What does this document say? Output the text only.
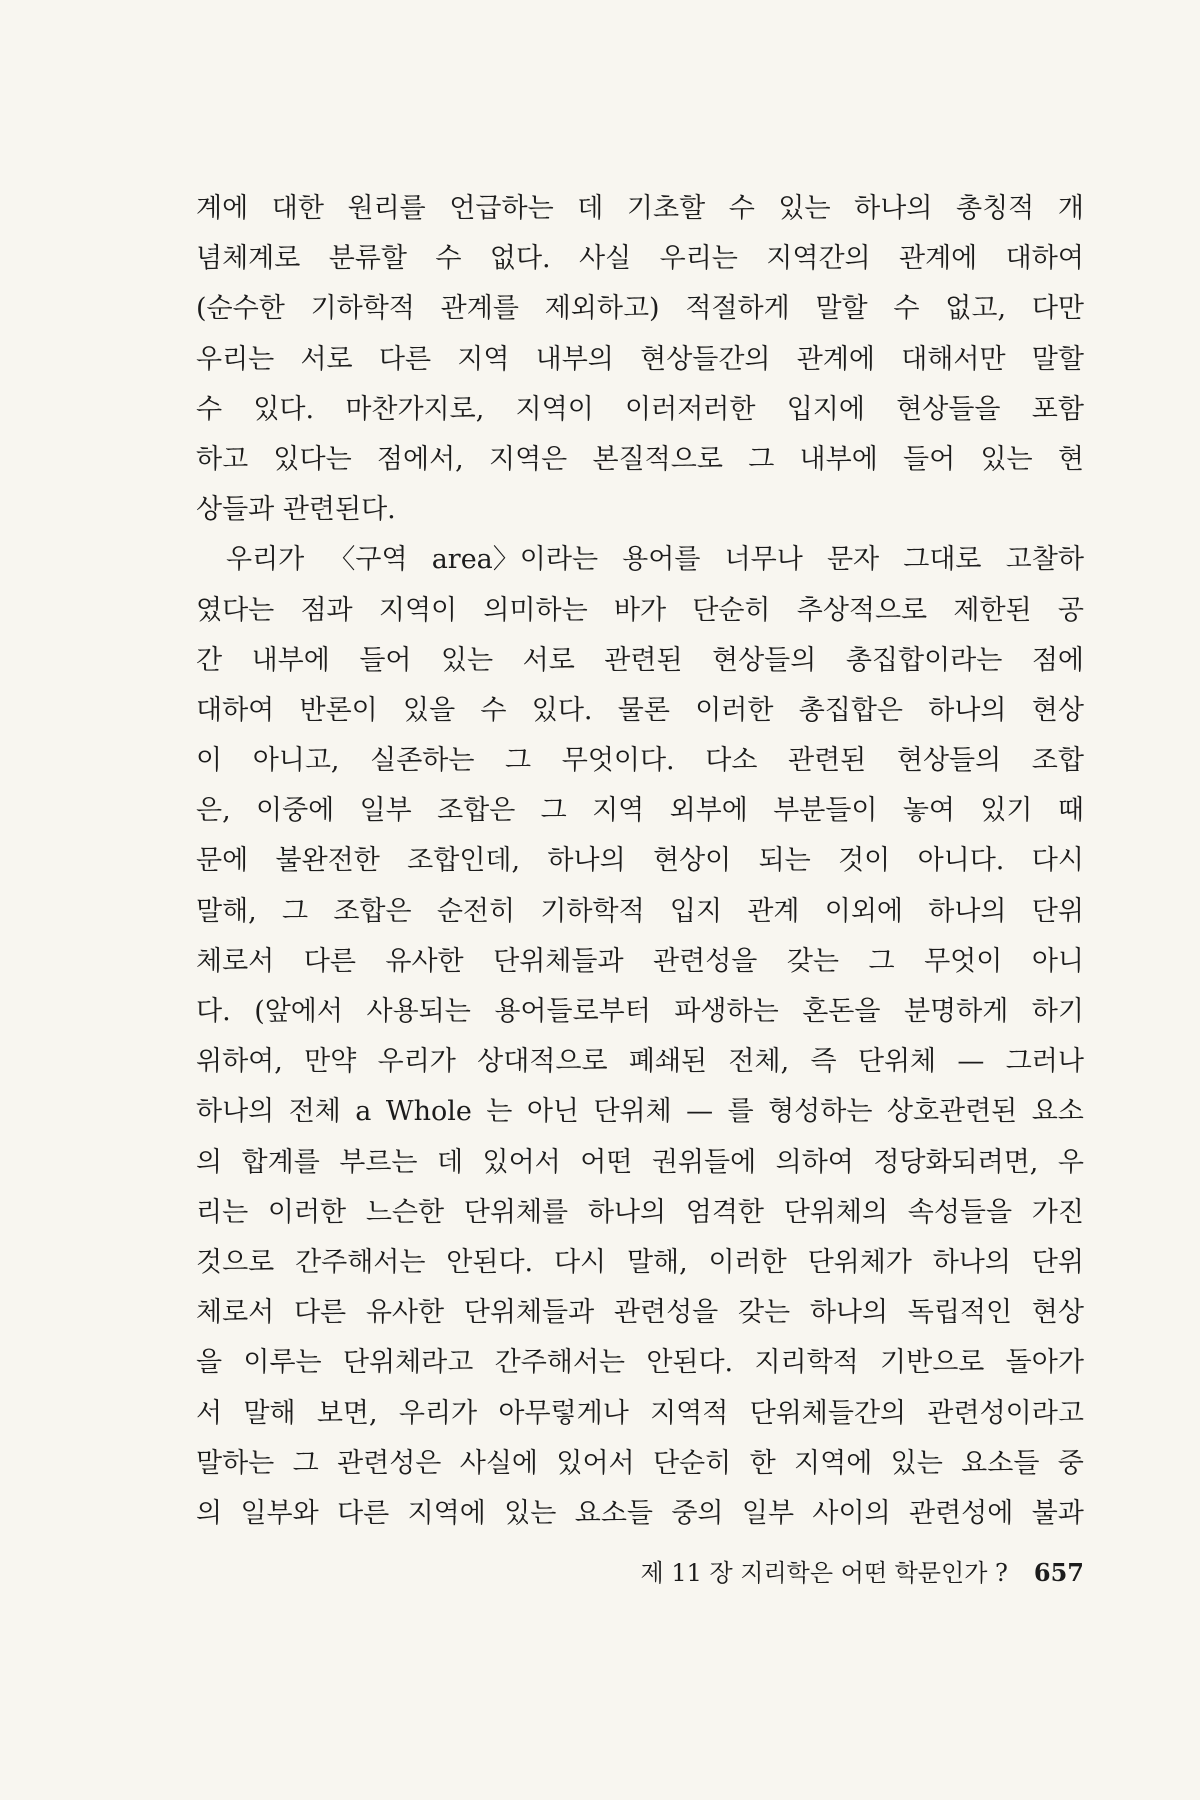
계에 대한 원리를 언급하는 데 기초할 수 있는 하나의 총칭적 개
념체계로 분류할 수 없다. 사실 우리는 지역간의 관계에 대하여
(순수한 기하학적 관계를 제외하고) 적절하게 말할 수 없고, 다만
우리는 서로 다른 지역 내부의 현상들간의 관계에 대해서만 말할
수 있다. 마찬가지로, 지역이 이러저러한 입지에 현상들을 포함
하고 있다는 점에서, 지역은 본질적으로 그 내부에 들어 있는 현
상들과 관련된다.
우리가 〈구역 area〉이라는 용어를 너무나 문자 그대로 고찰하
였다는 점과 지역이 의미하는 바가 단순히 추상적으로 제한된 공
간 내부에 들어 있는 서로 관련된 현상들의 총집합이라는 점에
대하여 반론이 있을 수 있다. 물론 이러한 총집합은 하나의 현상
이 아니고, 실존하는 그 무엇이다. 다소 관련된 현상들의 조합
은, 이중에 일부 조합은 그 지역 외부에 부분들이 놓여 있기 때
문에 불완전한 조합인데, 하나의 현상이 되는 것이 아니다. 다시
말해, 그 조합은 순전히 기하학적 입지 관계 이외에 하나의 단위
체로서 다른 유사한 단위체들과 관련성을 갖는 그 무엇이 아니
다. (앞에서 사용되는 용어들로부터 파생하는 혼돈을 분명하게 하기
위하여, 만약 우리가 상대적으로 폐쇄된 전체, 즉 단위체 — 그러나
하나의 전체 a Whole 는 아닌 단위체 — 를 형성하는 상호관련된 요소
의 합계를 부르는 데 있어서 어떤 권위들에 의하여 정당화되려면, 우
리는 이러한 느슨한 단위체를 하나의 엄격한 단위체의 속성들을 가진
것으로 간주해서는 안된다. 다시 말해, 이러한 단위체가 하나의 단위
체로서 다른 유사한 단위체들과 관련성을 갖는 하나의 독립적인 현상
을 이루는 단위체라고 간주해서는 안된다. 지리학적 기반으로 돌아가
서 말해 보면, 우리가 아무렇게나 지역적 단위체들간의 관련성이라고
말하는 그 관련성은 사실에 있어서 단순히 한 지역에 있는 요소들 중
의 일부와 다른 지역에 있는 요소들 중의 일부 사이의 관련성에 불과
제 11 장 지리학은 어떤 학문인가 ? 657
